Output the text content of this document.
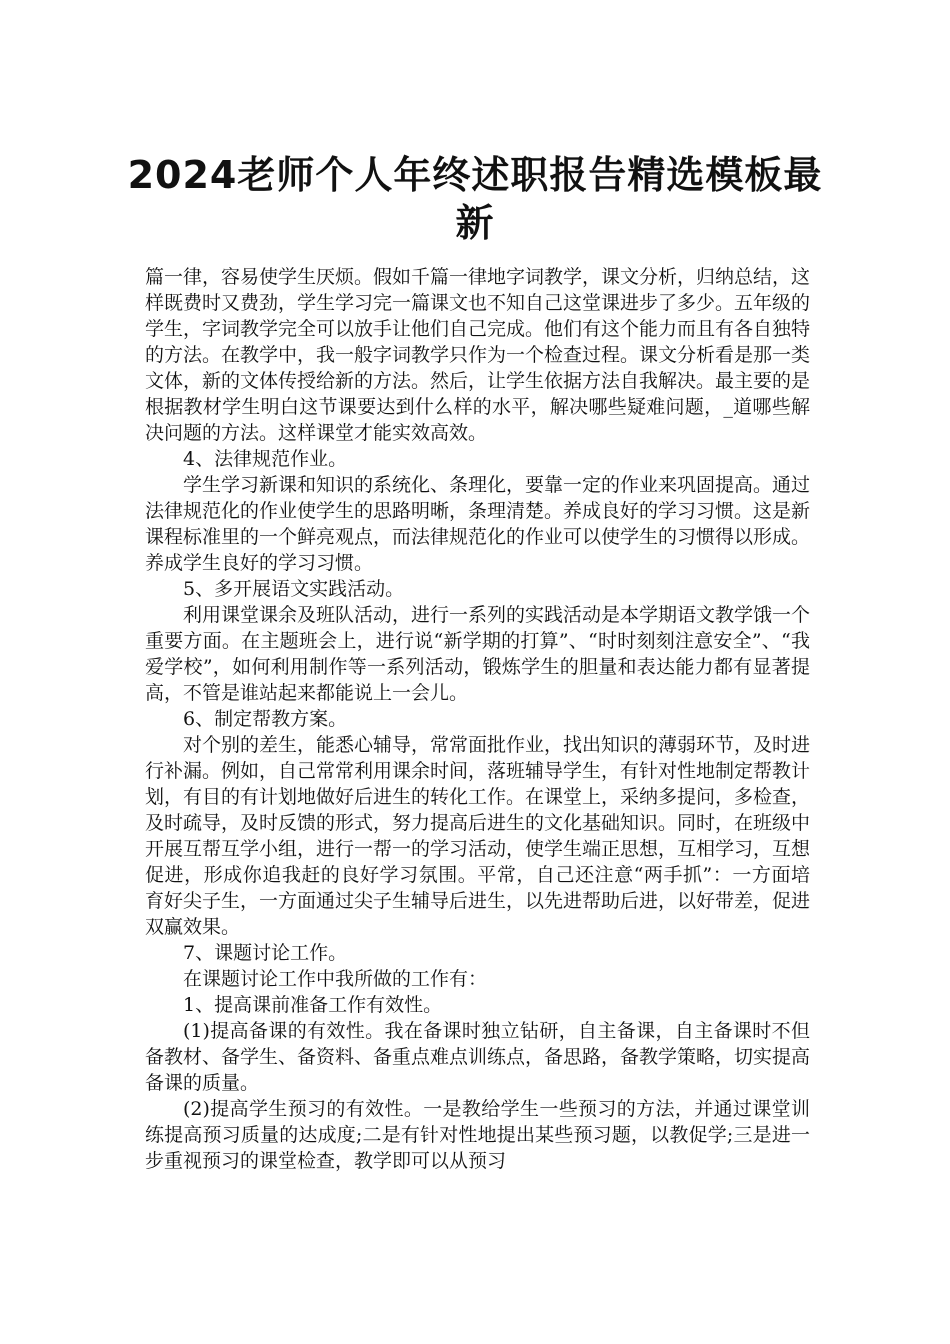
2024老师个人年终述职报告精选模板最新

篇一律，容易使学生厌烦。假如千篇一律地字词教学，课文分析，归纳总结，这样既费时又费劲，学生学习完一篇课文也不知自己这堂课进步了多少。五年级的学生，字词教学完全可以放手让他们自己完成。他们有这个能力而且有各自独特的方法。在教学中，我一般字词教学只作为一个检查过程。课文分析看是那一类文体，新的文体传授给新的方法。然后，让学生依据方法自我解决。最主要的是根据教材学生明白这节课要达到什么样的水平，解决哪些疑难问题，_道哪些解决问题的方法。这样课堂才能实效高效。

4、法律规范作业。

学生学习新课和知识的系统化、条理化，要靠一定的作业来巩固提高。通过法律规范化的作业使学生的思路明晰，条理清楚。养成良好的学习习惯。这是新课程标准里的一个鲜亮观点，而法律规范化的作业可以使学生的习惯得以形成。养成学生良好的学习习惯。

5、多开展语文实践活动。

利用课堂课余及班队活动，进行一系列的实践活动是本学期语文教学饿一个重要方面。在主题班会上，进行说“新学期的打算”、“时时刻刻注意安全”、“我爱学校”，如何利用制作等一系列活动，锻炼学生的胆量和表达能力都有显著提高，不管是谁站起来都能说上一会儿。

6、制定帮教方案。

对个别的差生，能悉心辅导，常常面批作业，找出知识的薄弱环节，及时进行补漏。例如，自己常常利用课余时间，落班辅导学生，有针对性地制定帮教计划，有目的有计划地做好后进生的转化工作。在课堂上，采纳多提问，多检查，及时疏导，及时反馈的形式，努力提高后进生的文化基础知识。同时，在班级中开展互帮互学小组，进行一帮一的学习活动，使学生端正思想，互相学习，互想促进，形成你追我赶的良好学习氛围。平常，自己还注意“两手抓”：一方面培育好尖子生，一方面通过尖子生辅导后进生，以先进帮助后进，以好带差，促进双赢效果。

7、课题讨论工作。

在课题讨论工作中我所做的工作有：

1、提高课前准备工作有效性。

(1)提高备课的有效性。我在备课时独立钻研，自主备课，自主备课时不但备教材、备学生、备资料、备重点难点训练点，备思路，备教学策略，切实提高备课的质量。

(2)提高学生预习的有效性。一是教给学生一些预习的方法，并通过课堂训练提高预习质量的达成度;二是有针对性地提出某些预习题，以教促学;三是进一步重视预习的课堂检查，教学即可以从预习
